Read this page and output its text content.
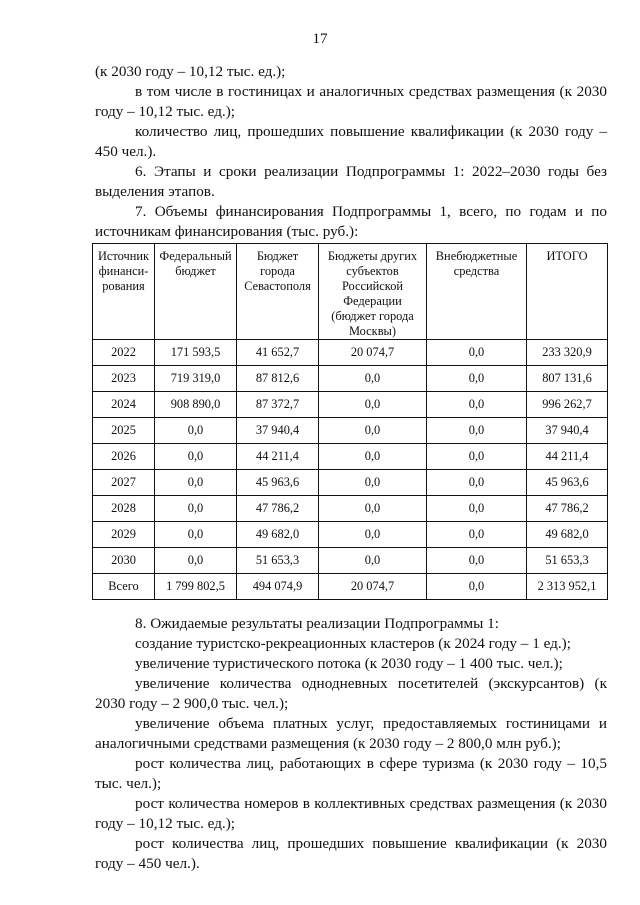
17

(к 2030 году – 10,12 тыс. ед.);

в том числе в гостиницах и аналогичных средствах размещения (к 2030 году – 10,12 тыс. ед.);

количество лиц, прошедших повышение квалификации (к 2030 году – 450 чел.).

6. Этапы и сроки реализации Подпрограммы 1: 2022–2030 годы без выделения этапов.

7. Объемы финансирования Подпрограммы 1, всего, по годам и по источникам финансирования (тыс. руб.):

Источник финанси-рования	Федеральный бюджет	Бюджет города Севастополя	Бюджеты других субъектов Российской Федерации (бюджет города Москвы)	Внебюджетные средства	ИТОГО
2022	171 593,5	41 652,7	20 074,7	0,0	233 320,9
2023	719 319,0	87 812,6	0,0	0,0	807 131,6
2024	908 890,0	87 372,7	0,0	0,0	996 262,7
2025	0,0	37 940,4	0,0	0,0	37 940,4
2026	0,0	44 211,4	0,0	0,0	44 211,4
2027	0,0	45 963,6	0,0	0,0	45 963,6
2028	0,0	47 786,2	0,0	0,0	47 786,2
2029	0,0	49 682,0	0,0	0,0	49 682,0
2030	0,0	51 653,3	0,0	0,0	51 653,3
Всего	1 799 802,5	494 074,9	20 074,7	0,0	2 313 952,1

8. Ожидаемые результаты реализации Подпрограммы 1:

создание туристско-рекреационных кластеров (к 2024 году – 1 ед.);

увеличение туристического потока (к 2030 году – 1 400 тыс. чел.);

увеличение количества однодневных посетителей (экскурсантов) (к 2030 году – 2 900,0 тыс. чел.);

увеличение объема платных услуг, предоставляемых гостиницами и аналогичными средствами размещения (к 2030 году – 2 800,0 млн руб.);

рост количества лиц, работающих в сфере туризма (к 2030 году – 10,5 тыс. чел.);

рост количества номеров в коллективных средствах размещения (к 2030 году – 10,12 тыс. ед.);

рост количества лиц, прошедших повышение квалификации (к 2030 году – 450 чел.).
